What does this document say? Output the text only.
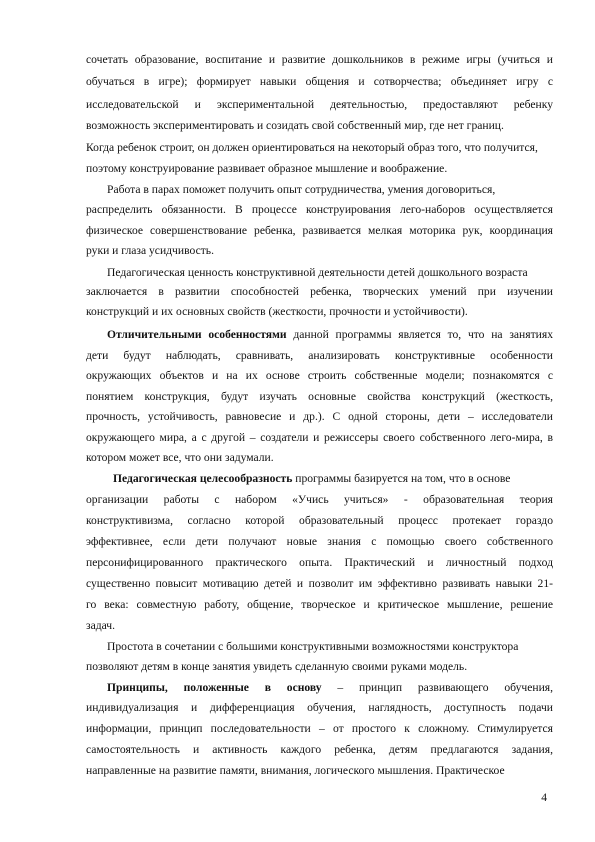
сочетать образование, воспитание и развитие дошкольников в режиме игры (учиться и
обучаться в игре); формирует навыки общения и сотворчества; объединяет игру с
исследовательской и экспериментальной деятельностью, предоставляют ребенку
возможность экспериментировать и созидать свой собственный мир, где нет границ.
Когда ребенок строит, он должен ориентироваться на некоторый образ того, что получится,
поэтому конструирование развивает образное мышление и воображение.
Работа в парах поможет получить опыт сотрудничества, умения договориться,
распределить обязанности. В процессе конструирования лего-наборов осуществляется
физическое совершенствование ребенка, развивается мелкая моторика рук, координация
руки и глаза усидчивость.
Педагогическая ценность конструктивной деятельности детей дошкольного возраста
заключается в развитии способностей ребенка, творческих умений при изучении
конструкций и их основных свойств (жесткости, прочности и устойчивости).
Отличительными особенностями данной программы является то, что на занятиях
дети будут наблюдать, сравнивать, анализировать конструктивные особенности
окружающих объектов и на их основе строить собственные модели; познакомятся с
понятием конструкция, будут изучать основные свойства конструкций (жесткость,
прочность, устойчивость, равновесие и др.). С одной стороны, дети – исследователи
окружающего мира, а с другой – создатели и режиссеры своего собственного лего-мира, в
котором может все, что они задумали.
Педагогическая целесообразность программы базируется на том, что в основе
организации работы с набором «Учись учиться» - образовательная теория
конструктивизма, согласно которой образовательный процесс протекает гораздо
эффективнее, если дети получают новые знания с помощью своего собственного
персонифицированного практического опыта. Практический и личностный подход
существенно повысит мотивацию детей и позволит им эффективно развивать навыки 21-
го века: совместную работу, общение, творческое и критическое мышление, решение
задач.
Простота в сочетании с большими конструктивными возможностями конструктора
позволяют детям в конце занятия увидеть сделанную своими руками модель.
Принципы, положенные в основу – принцип развивающего обучения,
индивидуализация и дифференциация обучения, наглядность, доступность подачи
информации, принцип последовательности – от простого к сложному. Стимулируется
самостоятельность и активность каждого ребенка, детям предлагаются задания,
направленные на развитие памяти, внимания, логического мышления. Практическое
4
